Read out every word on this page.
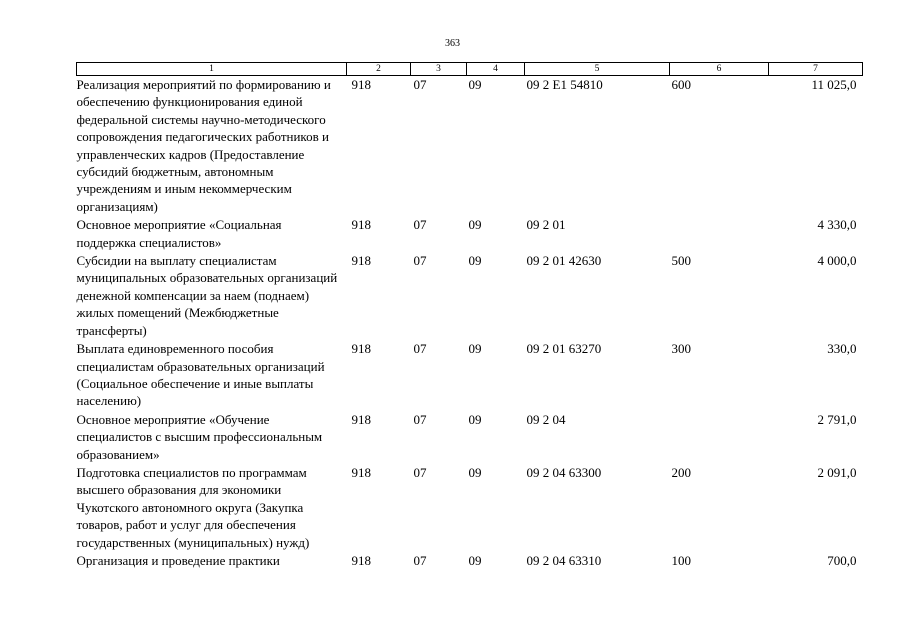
363
1	2	3	4	5	6	7
Реализация мероприятий по формированию и обеспечению функционирования единой федеральной системы научно-методического сопровождения педагогических работников и управленческих кадров (Предоставление субсидий бюджетным, автономным учреждениям и иным некоммерческим организациям)	918	07	09	09 2 E1 54810	600	11 025,0
Основное мероприятие «Социальная поддержка специалистов»	918	07	09	09 2 01		4 330,0
Субсидии на выплату специалистам муниципальных образовательных организаций денежной компенсации за наем (поднаем) жилых помещений (Межбюджетные трансферты)	918	07	09	09 2 01 42630	500	4 000,0
Выплата единовременного пособия специалистам образовательных организаций (Социальное обеспечение и иные выплаты населению)	918	07	09	09 2 01 63270	300	330,0
Основное мероприятие «Обучение специалистов с высшим профессиональным образованием»	918	07	09	09 2 04		2 791,0
Подготовка специалистов по программам высшего образования для экономики Чукотского автономного округа (Закупка товаров, работ и услуг для обеспечения государственных (муниципальных) нужд)	918	07	09	09 2 04 63300	200	2 091,0
Организация и проведение практики	918	07	09	09 2 04 63310	100	700,0
